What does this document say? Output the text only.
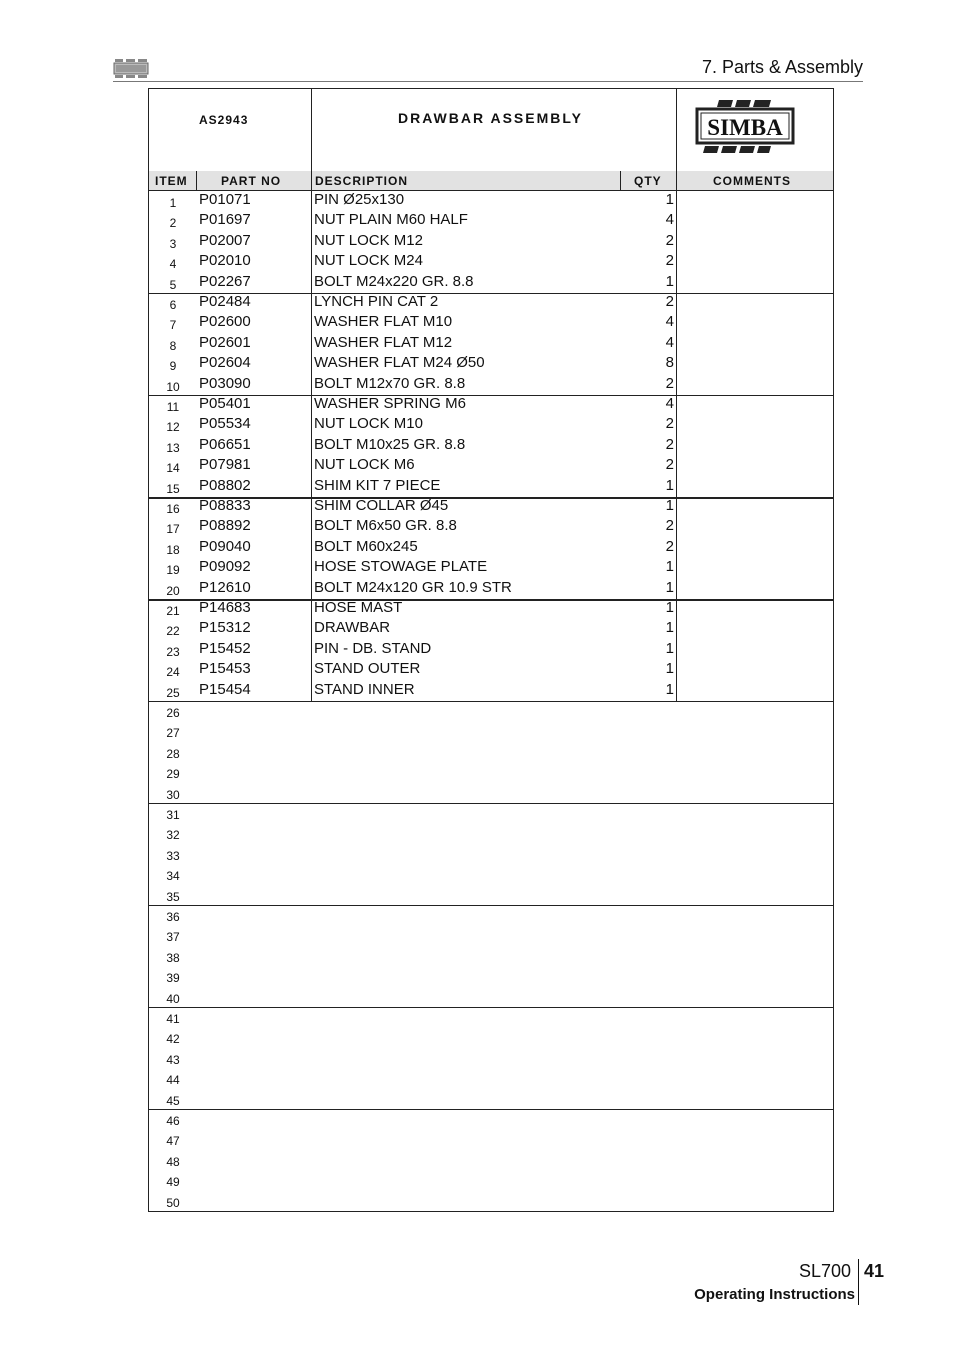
7. Parts & Assembly
AS2943	DRAWBAR ASSEMBLY	SIMBA
ITEM	PART NO	DESCRIPTION	QTY	COMMENTS
1	P01071	PIN Ø25x130	1
2	P01697	NUT PLAIN M60 HALF	4
3	P02007	NUT LOCK M12	2
4	P02010	NUT LOCK M24	2
5	P02267	BOLT M24x220 GR. 8.8	1
6	P02484	LYNCH PIN CAT 2	2
7	P02600	WASHER FLAT M10	4
8	P02601	WASHER FLAT M12	4
9	P02604	WASHER FLAT M24 Ø50	8
10	P03090	BOLT M12x70 GR. 8.8	2
11	P05401	WASHER SPRING M6	4
12	P05534	NUT LOCK M10	2
13	P06651	BOLT M10x25 GR. 8.8	2
14	P07981	NUT LOCK M6	2
15	P08802	SHIM KIT 7 PIECE	1
16	P08833	SHIM COLLAR Ø45	1
17	P08892	BOLT M6x50 GR. 8.8	2
18	P09040	BOLT M60x245	2
19	P09092	HOSE STOWAGE PLATE	1
20	P12610	BOLT M24x120 GR 10.9 STR	1
21	P14683	HOSE MAST	1
22	P15312	DRAWBAR	1
23	P15452	PIN - DB. STAND	1
24	P15453	STAND OUTER	1
25	P15454	STAND INNER	1
26
27
28
29
30
31
32
33
34
35
36
37
38
39
40
41
42
43
44
45
46
47
48
49
50
SL700 41
Operating Instructions
